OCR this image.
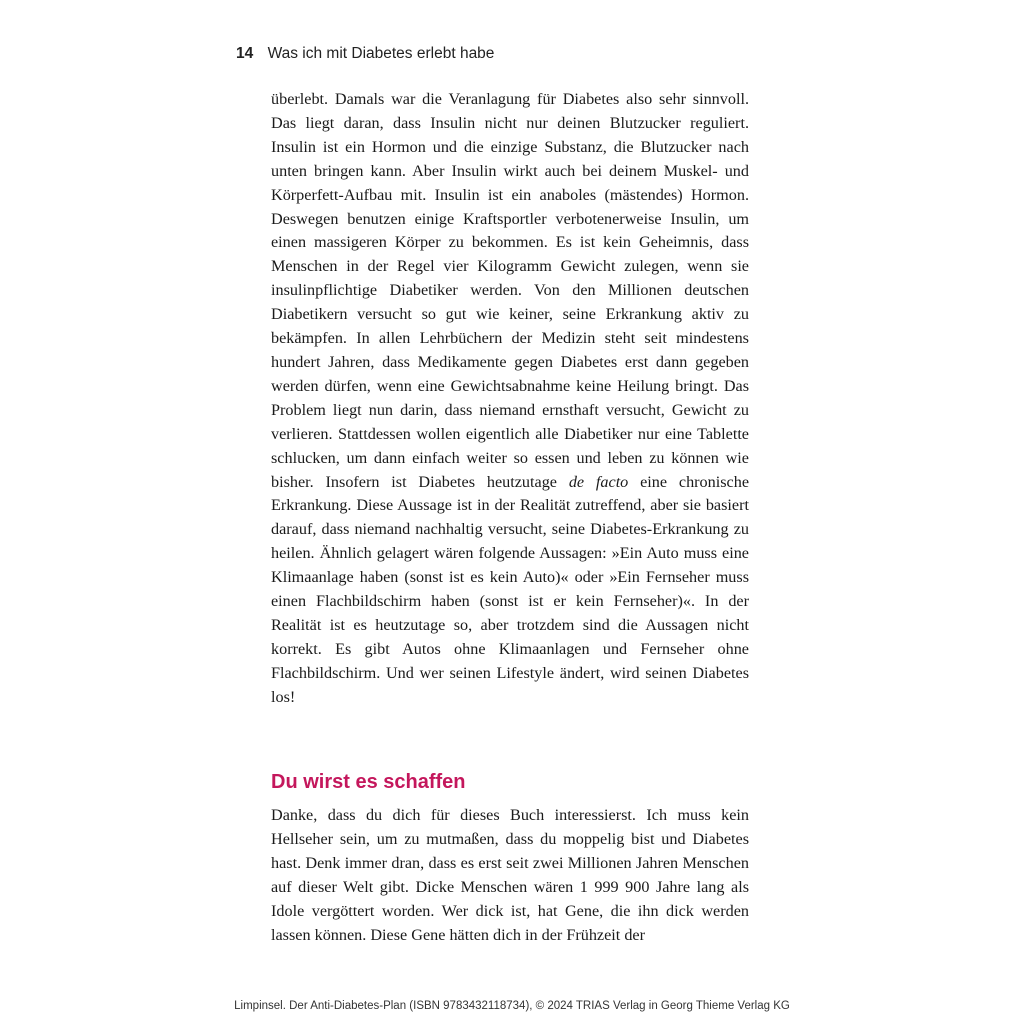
14 Was ich mit Diabetes erlebt habe

überlebt. Damals war die Veranlagung für Diabetes also sehr sinnvoll. Das liegt daran, dass Insulin nicht nur deinen Blutzucker reguliert. Insulin ist ein Hormon und die einzige Substanz, die Blutzucker nach unten bringen kann. Aber Insulin wirkt auch bei deinem Muskel- und Körperfett-Aufbau mit. Insulin ist ein anaboles (mästendes) Hormon. Deswegen benutzen einige Kraftsportler verbotenerweise Insulin, um einen massigeren Körper zu bekommen. Es ist kein Geheimnis, dass Menschen in der Regel vier Kilogramm Gewicht zulegen, wenn sie insulinpflichtige Diabetiker werden. Von den Millionen deutschen Diabetikern versucht so gut wie keiner, seine Erkrankung aktiv zu bekämpfen. In allen Lehrbüchern der Medizin steht seit mindestens hundert Jahren, dass Medikamente gegen Diabetes erst dann gegeben werden dürfen, wenn eine Gewichtsabnahme keine Heilung bringt. Das Problem liegt nun darin, dass niemand ernsthaft versucht, Gewicht zu verlieren. Stattdessen wollen eigentlich alle Diabetiker nur eine Tablette schlucken, um dann einfach weiter so essen und leben zu können wie bisher. Insofern ist Diabetes heutzutage de facto eine chronische Erkrankung. Diese Aussage ist in der Realität zutreffend, aber sie basiert darauf, dass niemand nachhaltig versucht, seine Diabetes-Erkrankung zu heilen. Ähnlich gelagert wären folgende Aussagen: »Ein Auto muss eine Klimaanlage haben (sonst ist es kein Auto)« oder »Ein Fernseher muss einen Flachbildschirm haben (sonst ist er kein Fernseher)«. In der Realität ist es heutzutage so, aber trotzdem sind die Aussagen nicht korrekt. Es gibt Autos ohne Klimaanlagen und Fernseher ohne Flachbildschirm. Und wer seinen Lifestyle ändert, wird seinen Diabetes los!

Du wirst es schaffen

Danke, dass du dich für dieses Buch interessierst. Ich muss kein Hellseher sein, um zu mutmaßen, dass du moppelig bist und Diabetes hast. Denk immer dran, dass es erst seit zwei Millionen Jahren Menschen auf dieser Welt gibt. Dicke Menschen wären 1 999 900 Jahre lang als Idole vergöttert worden. Wer dick ist, hat Gene, die ihn dick werden lassen können. Diese Gene hätten dich in der Frühzeit der

Limpinsel. Der Anti-Diabetes-Plan (ISBN 9783432118734), © 2024 TRIAS Verlag in Georg Thieme Verlag KG
